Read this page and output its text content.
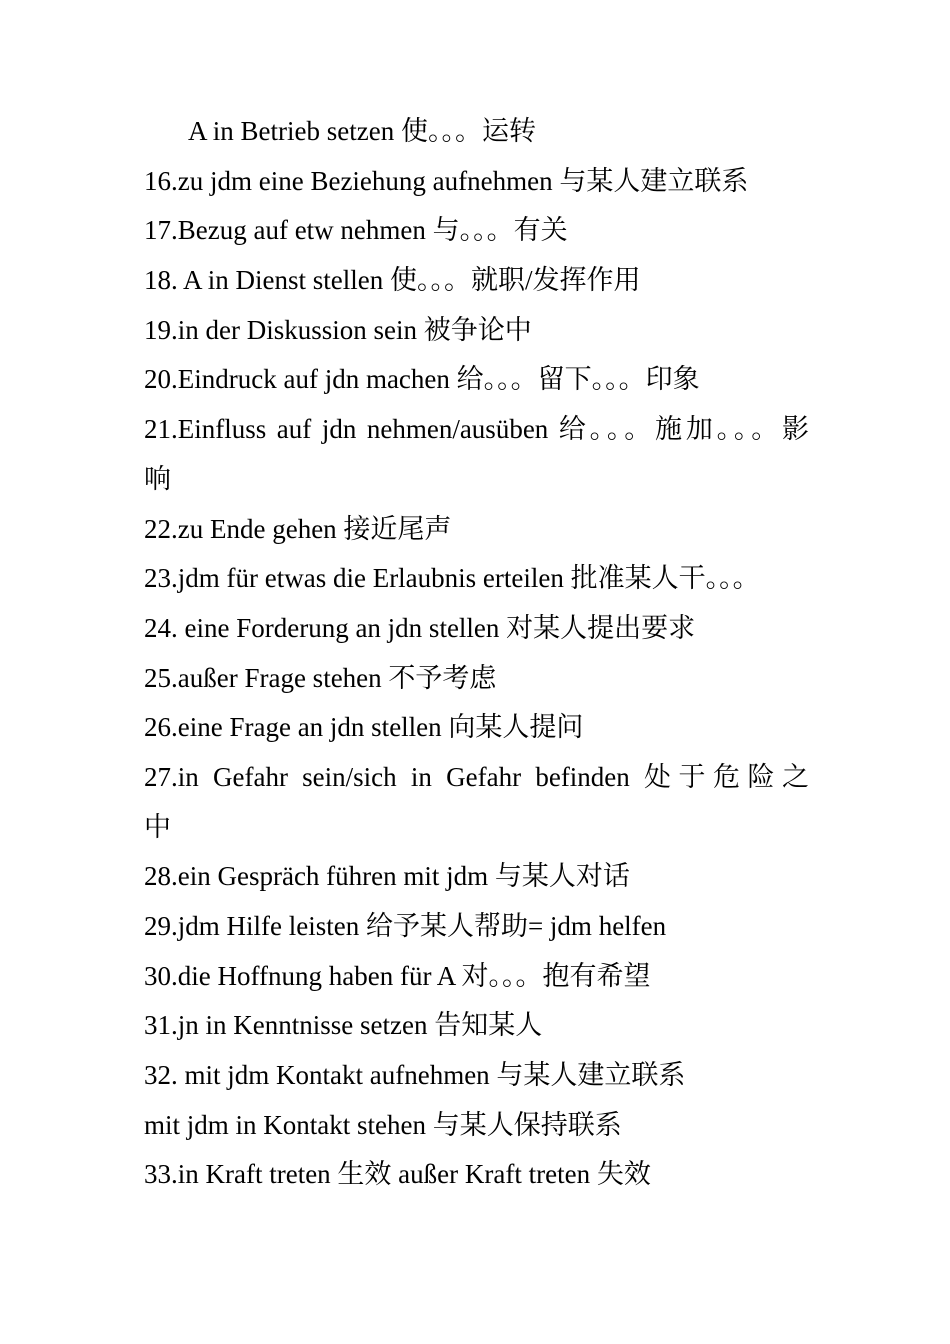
A in Betrieb setzen 使。。。运转
16.zu jdm eine Beziehung aufnehmen 与某人建立联系
17.Bezug auf etw nehmen 与。。。有关
18. A in Dienst stellen 使。。。就职/发挥作用
19.in der Diskussion sein 被争论中
20.Eindruck auf jdn machen 给。。。留下。。。印象
21.Einfluss auf jdn nehmen/ausüben 给。。。施加。。。影
响
22.zu Ende gehen 接近尾声
23.jdm für etwas die Erlaubnis erteilen 批准某人干。。。
24. eine Forderung an jdn stellen 对某人提出要求
25.außer Frage stehen 不予考虑
26.eine Frage an jdn stellen 向某人提问
27.in Gefahr sein/sich in Gefahr befinden 处于危险之
中
28.ein Gespräch führen mit jdm 与某人对话
29.jdm Hilfe leisten 给予某人帮助= jdm helfen
30.die Hoffnung haben für A 对。。。抱有希望
31.jn in Kenntnisse setzen 告知某人
32. mit jdm Kontakt aufnehmen 与某人建立联系
mit jdm in Kontakt stehen 与某人保持联系
33.in Kraft treten 生效 außer Kraft treten 失效
